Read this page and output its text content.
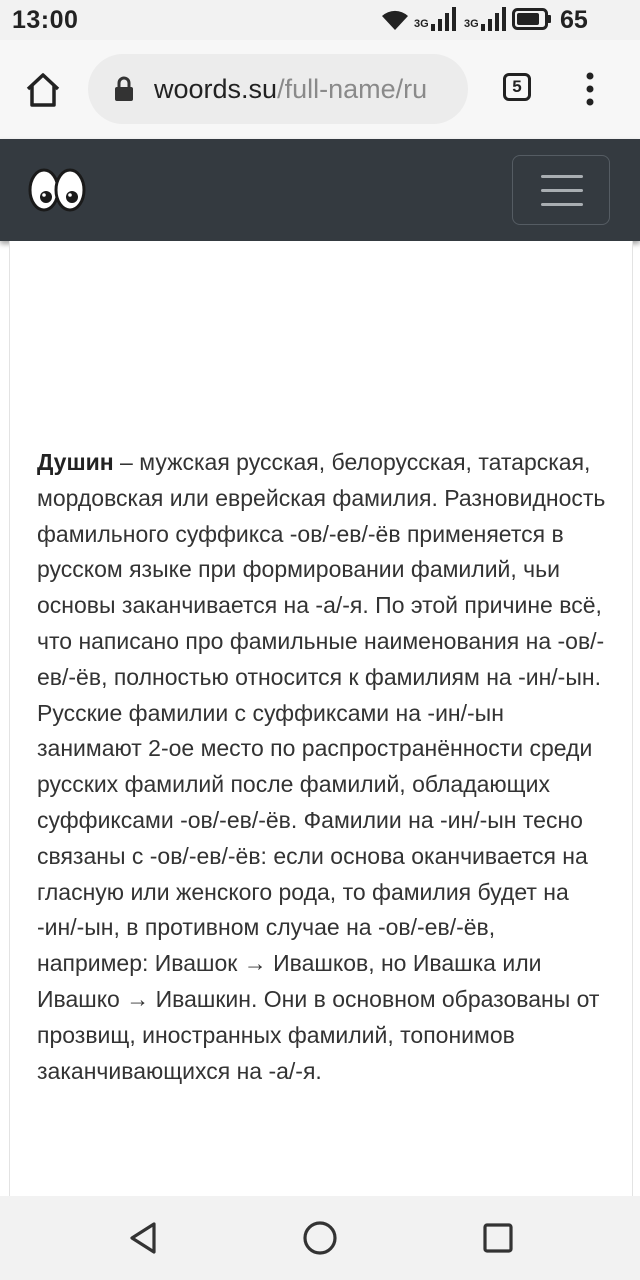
13:00	3G	3G	65
woords.su/full-name/ru	5
Душин – мужская русская, белорусская, татарская, мордовская или еврейская фамилия. Разновидность фамильного суффикса -ов/-ев/-ёв применяется в русском языке при формировании фамилий, чьи основы заканчивается на -а/-я. По этой причине всё, что написано про фамильные наименования на -ов/-ев/-ёв, полностью относится к фамилиям на -ин/-ын. Русские фамилии с суффиксами на -ин/-ын занимают 2-ое место по распространённости среди русских фамилий после фамилий, обладающих суффиксами -ов/-ев/-ёв. Фамилии на -ин/-ын тесно связаны с -ов/-ев/-ёв: если основа оканчивается на гласную или женского рода, то фамилия будет на -ин/-ын, в противном случае на -ов/-ев/-ёв, например: Ивашок → Ивашков, но Ивашка или Ивашко → Ивашкин. Они в основном образованы от прозвищ, иностранных фамилий, топонимов заканчивающихся на -а/-я.
